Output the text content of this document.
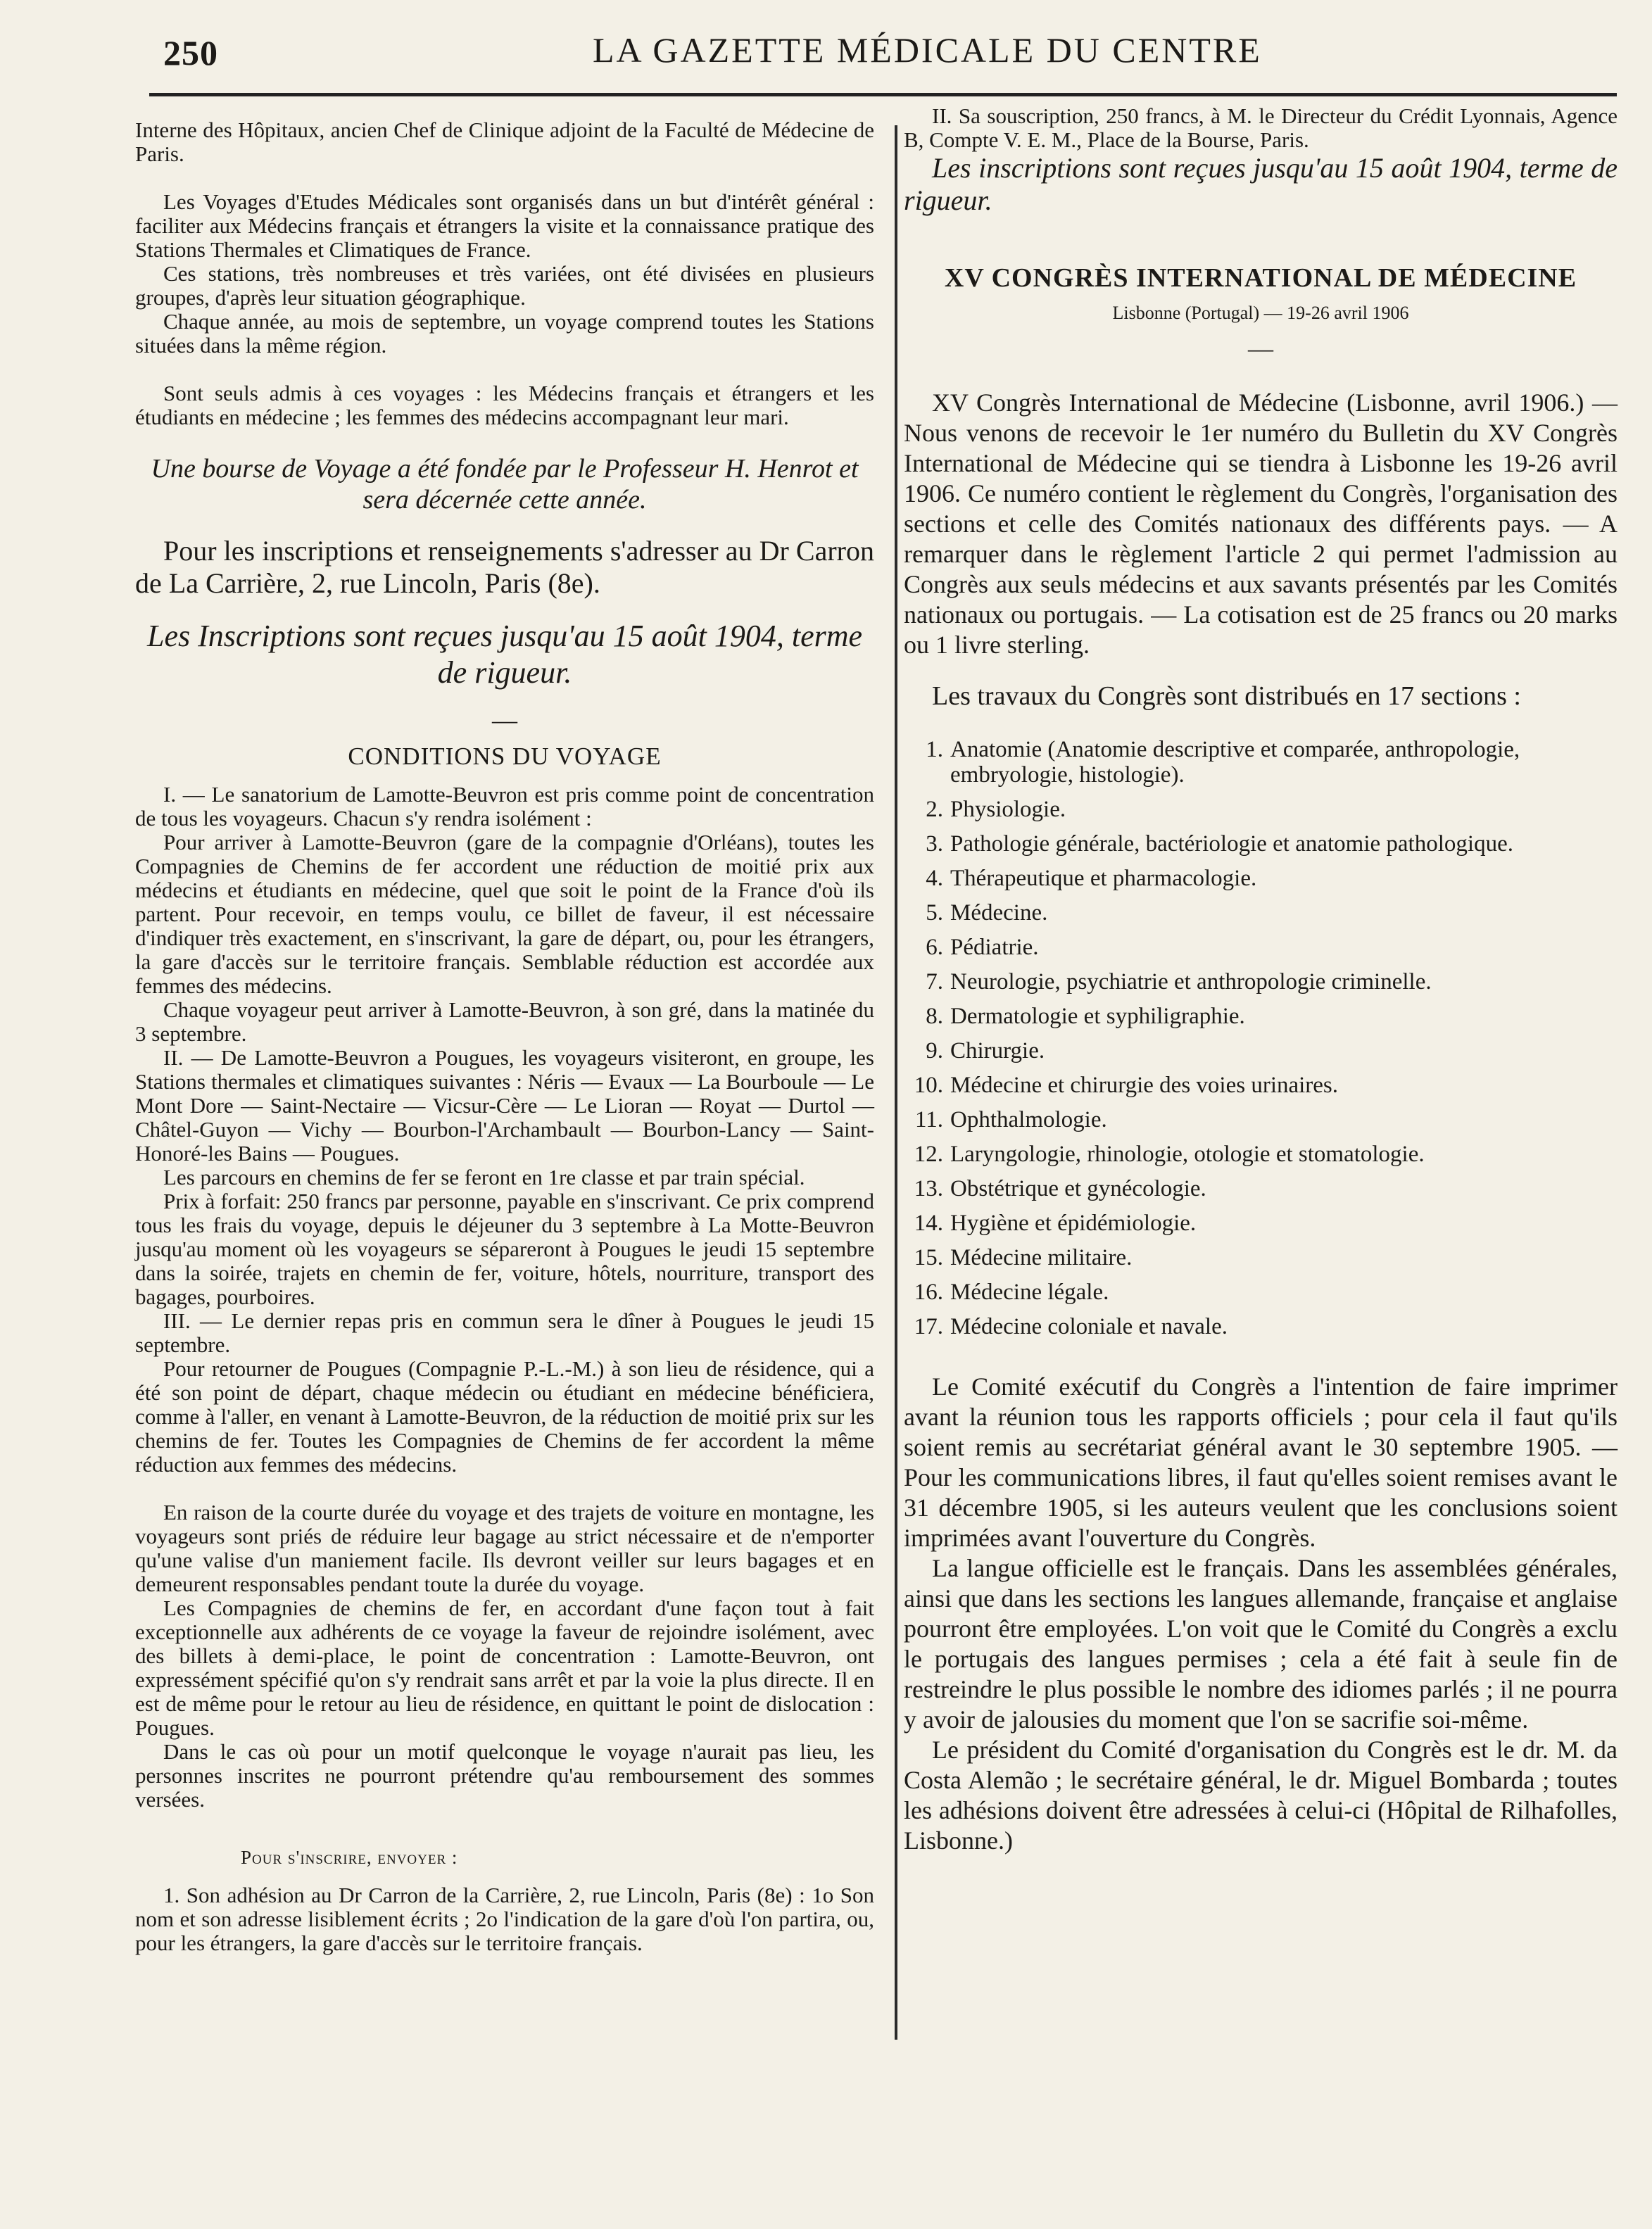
250	LA GAZETTE MÉDICALE DU CENTRE

Interne des Hôpitaux, ancien Chef de Clinique adjoint de la Faculté de Médecine de Paris.

Les Voyages d'Etudes Médicales sont organisés dans un but d'intérêt général : faciliter aux Médecins français et étrangers la visite et la connaissance pratique des Stations Thermales et Climatiques de France.

Ces stations, très nombreuses et très variées, ont été divisées en plusieurs groupes, d'après leur situation géographique.

Chaque année, au mois de septembre, un voyage comprend toutes les Stations situées dans la même région.

Sont seuls admis à ces voyages : les Médecins français et étrangers et les étudiants en médecine ; les femmes des médecins accompagnant leur mari.

Une bourse de Voyage a été fondée par le Professeur H. Henrot et sera décernée cette année.

Pour les inscriptions et renseignements s'adresser au Dr Carron de La Carrière, 2, rue Lincoln, Paris (8e).

Les Inscriptions sont reçues jusqu'au 15 août 1904, terme de rigueur.

—
CONDITIONS DU VOYAGE

I. — Le sanatorium de Lamotte-Beuvron est pris comme point de concentration de tous les voyageurs. Chacun s'y rendra isolément :

Pour arriver à Lamotte-Beuvron (gare de la compagnie d'Orléans), toutes les Compagnies de Chemins de fer accordent une réduction de moitié prix aux médecins et étudiants en médecine, quel que soit le point de la France d'où ils partent. Pour recevoir, en temps voulu, ce billet de faveur, il est nécessaire d'indiquer très exactement, en s'inscrivant, la gare de départ, ou, pour les étrangers, la gare d'accès sur le territoire français. Semblable réduction est accordée aux femmes des médecins.

Chaque voyageur peut arriver à Lamotte-Beuvron, à son gré, dans la matinée du 3 septembre.

II. — De Lamotte-Beuvron a Pougues, les voyageurs visiteront, en groupe, les Stations thermales et climatiques suivantes : Néris — Evaux — La Bourboule — Le Mont Dore — Saint-Nectaire — Vicsur-Cère — Le Lioran — Royat — Durtol — Châtel-Guyon — Vichy — Bourbon-l'Archambault — Bourbon-Lancy — Saint-Honoré-les Bains — Pougues.

Les parcours en chemins de fer se feront en 1re classe et par train spécial.

Prix à forfait: 250 francs par personne, payable en s'inscrivant. Ce prix comprend tous les frais du voyage, depuis le déjeuner du 3 septembre à La Motte-Beuvron jusqu'au moment où les voyageurs se sépareront à Pougues le jeudi 15 septembre dans la soirée, trajets en chemin de fer, voiture, hôtels, nourriture, transport des bagages, pourboires.

III. — Le dernier repas pris en commun sera le dîner à Pougues le jeudi 15 septembre.

Pour retourner de Pougues (Compagnie P.-L.-M.) à son lieu de résidence, qui a été son point de départ, chaque médecin ou étudiant en médecine bénéficiera, comme à l'aller, en venant à Lamotte-Beuvron, de la réduction de moitié prix sur les chemins de fer. Toutes les Compagnies de Chemins de fer accordent la même réduction aux femmes des médecins.

En raison de la courte durée du voyage et des trajets de voiture en montagne, les voyageurs sont priés de réduire leur bagage au strict nécessaire et de n'emporter qu'une valise d'un maniement facile. Ils devront veiller sur leurs bagages et en demeurent responsables pendant toute la durée du voyage.

Les Compagnies de chemins de fer, en accordant d'une façon tout à fait exceptionnelle aux adhérents de ce voyage la faveur de rejoindre isolément, avec des billets à demi-place, le point de concentration : Lamotte-Beuvron, ont expressément spécifié qu'on s'y rendrait sans arrêt et par la voie la plus directe. Il en est de même pour le retour au lieu de résidence, en quittant le point de dislocation : Pougues.

Dans le cas où pour un motif quelconque le voyage n'aurait pas lieu, les personnes inscrites ne pourront prétendre qu'au remboursement des sommes versées.

Pour s'inscrire, envoyer :

1. Son adhésion au Dr Carron de la Carrière, 2, rue Lincoln, Paris (8e) : 1o Son nom et son adresse lisiblement écrits ; 2o l'indication de la gare d'où l'on partira, ou, pour les étrangers, la gare d'accès sur le territoire français.

II. Sa souscription, 250 francs, à M. le Directeur du Crédit Lyonnais, Agence B, Compte V. E. M., Place de la Bourse, Paris.

Les inscriptions sont reçues jusqu'au 15 août 1904, terme de rigueur.

XV CONGRÈS INTERNATIONAL DE MÉDECINE
Lisbonne (Portugal) — 19-26 avril 1906
—

XV Congrès International de Médecine (Lisbonne, avril 1906.) — Nous venons de recevoir le 1er numéro du Bulletin du XV Congrès International de Médecine qui se tiendra à Lisbonne les 19-26 avril 1906. Ce numéro contient le règlement du Congrès, l'organisation des sections et celle des Comités nationaux des différents pays. — A remarquer dans le règlement l'article 2 qui permet l'admission au Congrès aux seuls médecins et aux savants présentés par les Comités nationaux ou portugais. — La cotisation est de 25 francs ou 20 marks ou 1 livre sterling.

Les travaux du Congrès sont distribués en 17 sections :

1. Anatomie (Anatomie descriptive et comparée, anthropologie, embryologie, histologie).
2. Physiologie.
3. Pathologie générale, bactériologie et anatomie pathologique.
4. Thérapeutique et pharmacologie.
5. Médecine.
6. Pédiatrie.
7. Neurologie, psychiatrie et anthropologie criminelle.
8. Dermatologie et syphiligraphie.
9. Chirurgie.
10. Médecine et chirurgie des voies urinaires.
11. Ophthalmologie.
12. Laryngologie, rhinologie, otologie et stomatologie.
13. Obstétrique et gynécologie.
14. Hygiène et épidémiologie.
15. Médecine militaire.
16. Médecine légale.
17. Médecine coloniale et navale.

Le Comité exécutif du Congrès a l'intention de faire imprimer avant la réunion tous les rapports officiels ; pour cela il faut qu'ils soient remis au secrétariat général avant le 30 septembre 1905. — Pour les communications libres, il faut qu'elles soient remises avant le 31 décembre 1905, si les auteurs veulent que les conclusions soient imprimées avant l'ouverture du Congrès.

La langue officielle est le français. Dans les assemblées générales, ainsi que dans les sections les langues allemande, française et anglaise pourront être employées. L'on voit que le Comité du Congrès a exclu le portugais des langues permises ; cela a été fait à seule fin de restreindre le plus possible le nombre des idiomes parlés ; il ne pourra y avoir de jalousies du moment que l'on se sacrifie soi-même.

Le président du Comité d'organisation du Congrès est le dr. M. da Costa Alemão ; le secrétaire général, le dr. Miguel Bombarda ; toutes les adhésions doivent être adressées à celui-ci (Hôpital de Rilhafolles, Lisbonne.)
